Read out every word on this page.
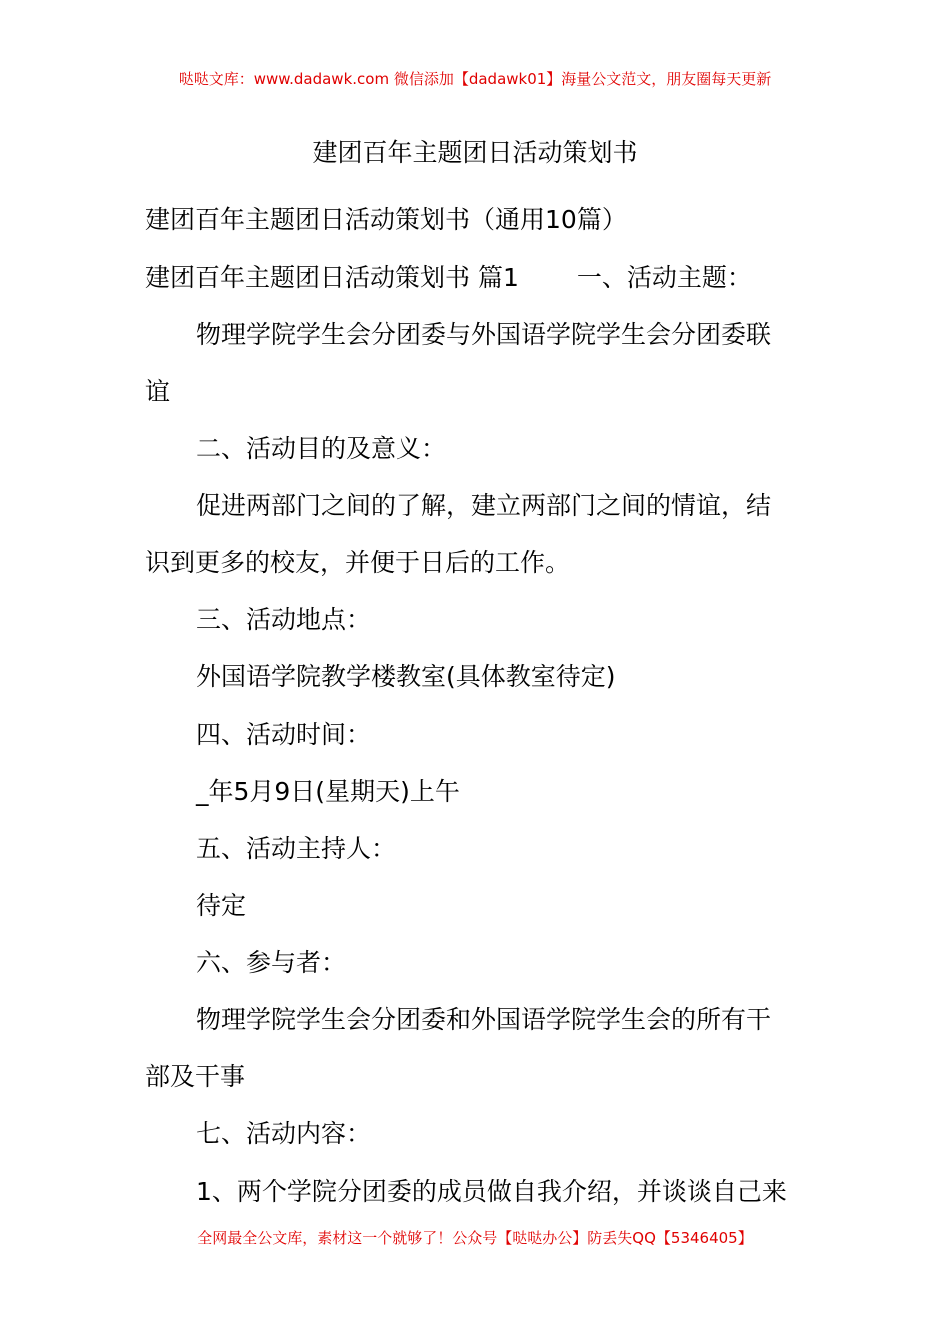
哒哒文库：www.dadawk.com 微信添加【dadawk01】海量公文范文，朋友圈每天更新
建团百年主题团日活动策划书
建团百年主题团日活动策划书（通用10篇）
建团百年主题团日活动策划书 篇1 一、活动主题：
物理学院学生会分团委与外国语学院学生会分团委联
谊
二、活动目的及意义：
促进两部门之间的了解，建立两部门之间的情谊，结
识到更多的校友，并便于日后的工作。
三、活动地点：
外国语学院教学楼教室(具体教室待定)
四、活动时间：
_年5月9日(星期天)上午
五、活动主持人：
待定
六、参与者：
物理学院学生会分团委和外国语学院学生会的所有干
部及干事
七、活动内容：
1、两个学院分团委的成员做自我介绍，并谈谈自己来
全网最全公文库，素材这一个就够了！公众号【哒哒办公】防丢失QQ【5346405】
